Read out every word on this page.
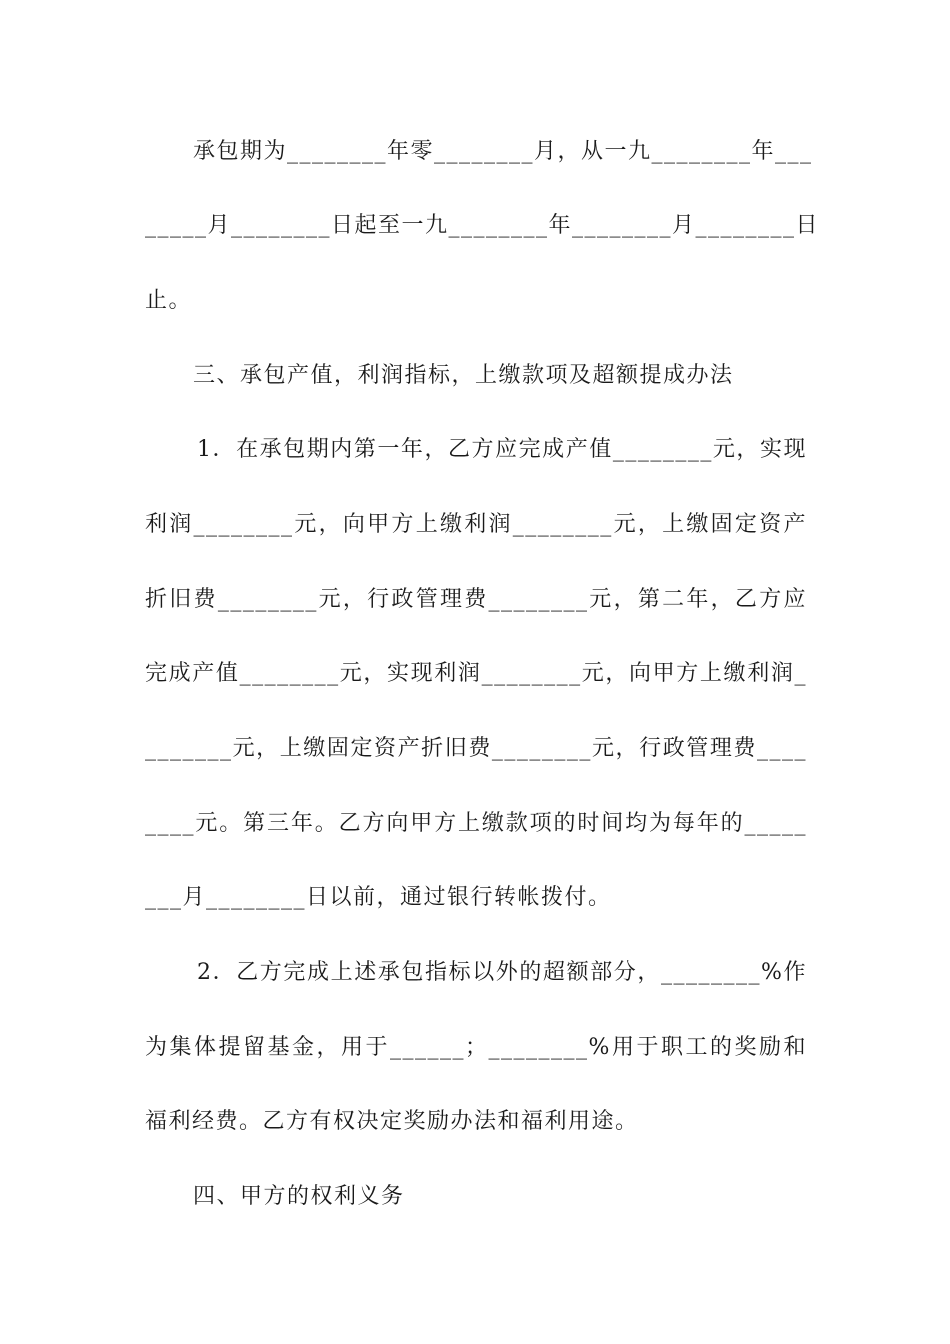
承包期为________年零________月，从一九________年___
_____月________日起至一九________年________月________日
止。
三、承包产值，利润指标，上缴款项及超额提成办法
1．在承包期内第一年，乙方应完成产值________元，实现
利润________元，向甲方上缴利润________元，上缴固定资产
折旧费________元，行政管理费________元，第二年，乙方应
完成产值________元，实现利润________元，向甲方上缴利润_
_______元，上缴固定资产折旧费________元，行政管理费____
____元。第三年。乙方向甲方上缴款项的时间均为每年的_____
___月________日以前，通过银行转帐拨付。
2．乙方完成上述承包指标以外的超额部分，________%作
为集体提留基金，用于______；________%用于职工的奖励和
福利经费。乙方有权决定奖励办法和福利用途。
四、甲方的权利义务
